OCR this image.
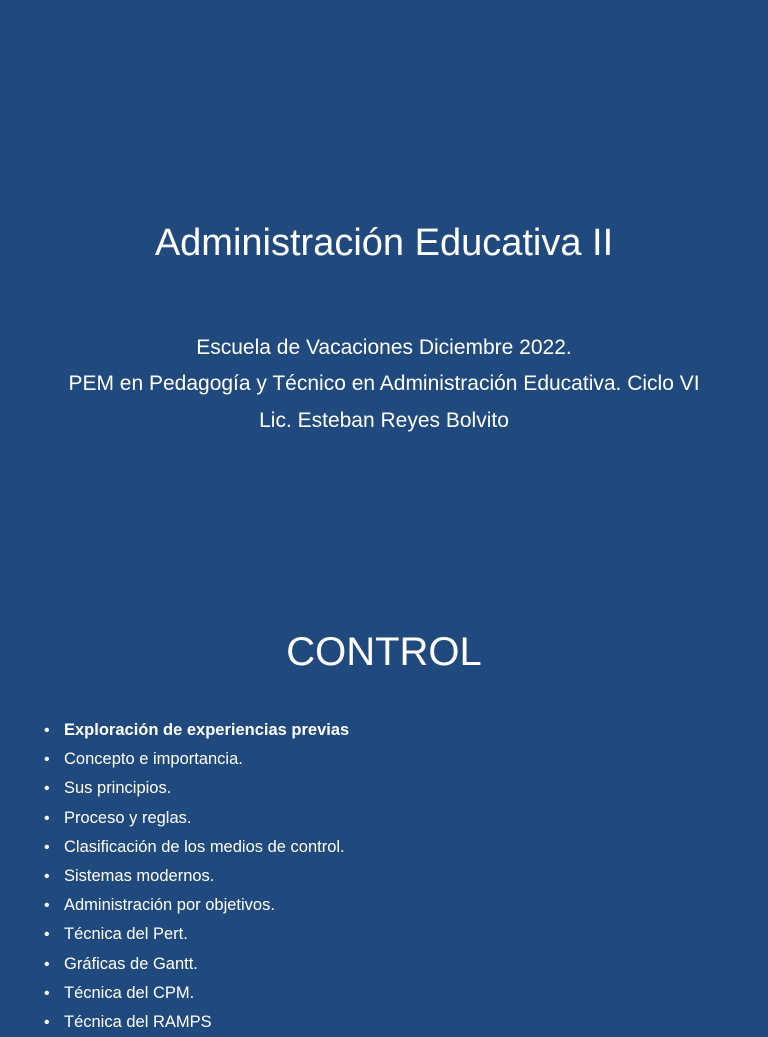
Administración Educativa II
Escuela de Vacaciones Diciembre 2022.
PEM en Pedagogía y Técnico en Administración Educativa. Ciclo VI
Lic. Esteban Reyes Bolvito
CONTROL
• Exploración de experiencias previas
• Concepto e importancia.
• Sus principios.
• Proceso y reglas.
• Clasificación de los medios de control.
• Sistemas modernos.
• Administración por objetivos.
• Técnica del Pert.
• Gráficas de Gantt.
• Técnica del CPM.
• Técnica del RAMPS
